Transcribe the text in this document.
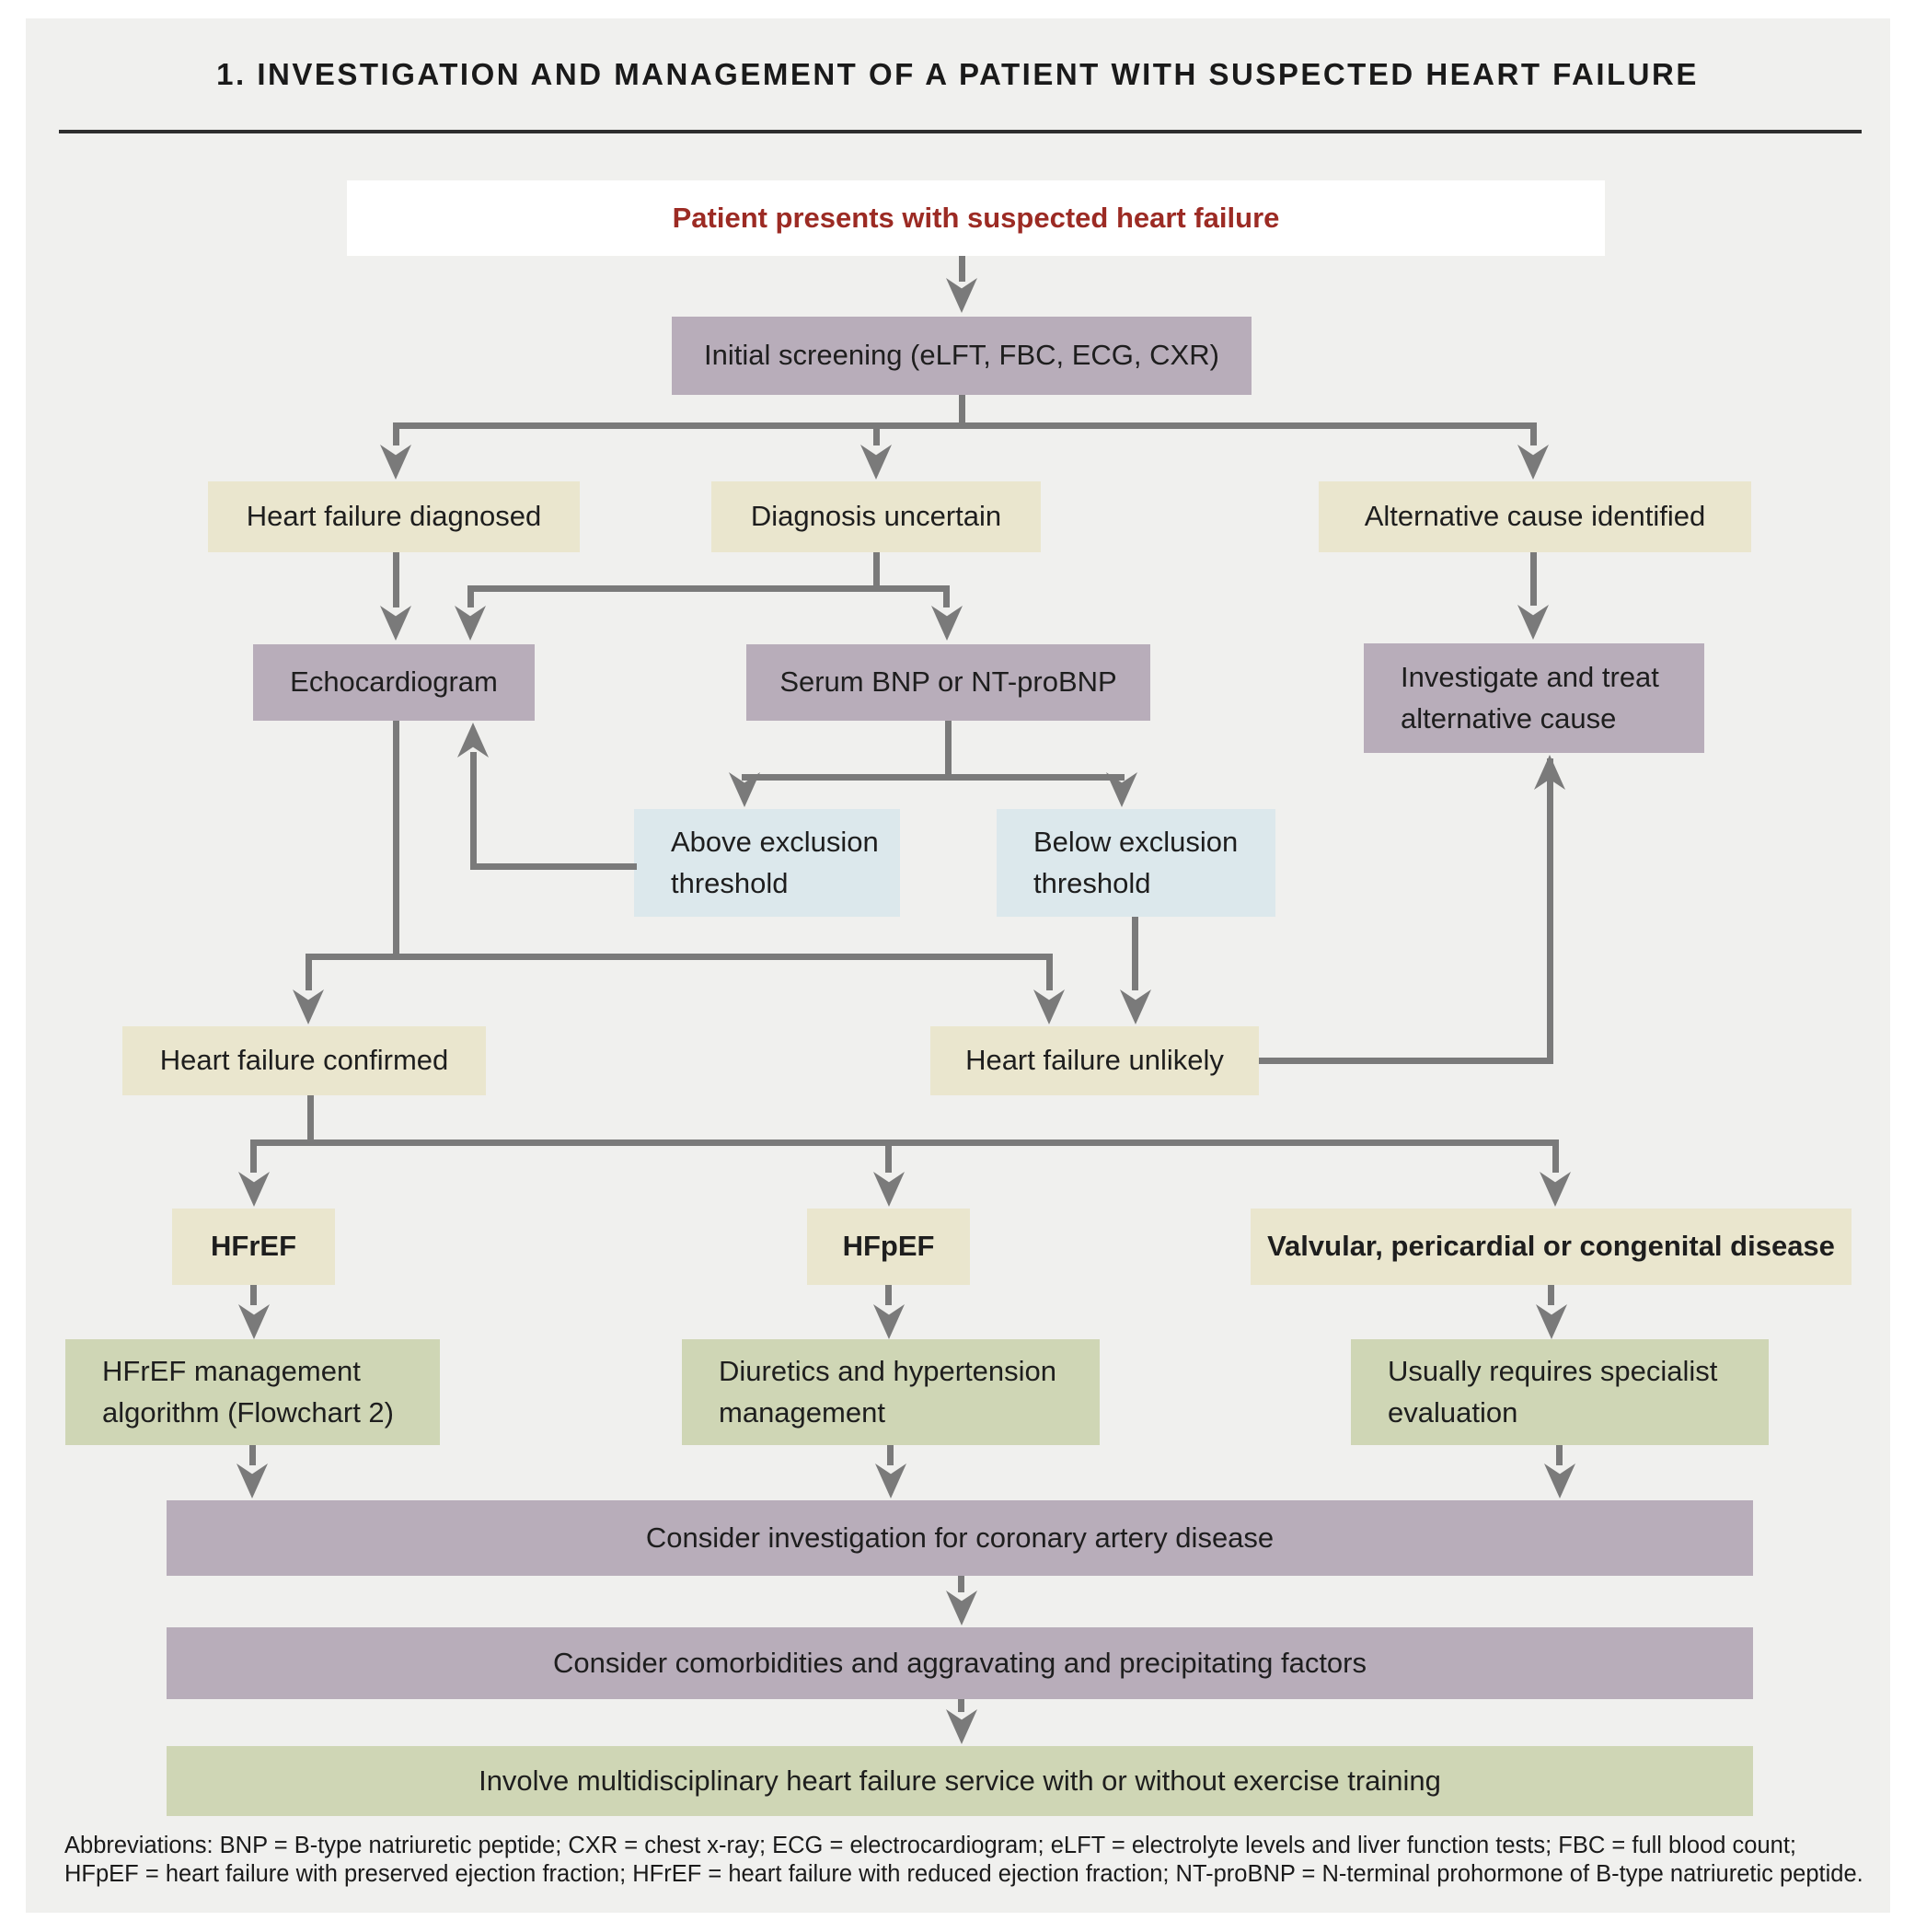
1. INVESTIGATION AND MANAGEMENT OF A PATIENT WITH SUSPECTED HEART FAILURE
Patient presents with suspected heart failure
Initial screening (eLFT, FBC, ECG, CXR)
Heart failure diagnosed	Diagnosis uncertain	Alternative cause identified
Echocardiogram	Serum BNP or NT-proBNP	Investigate and treat alternative cause
Above exclusion threshold
Below exclusion threshold
Heart failure confirmed	Heart failure unlikely
HFrEF	HFpEF	Valvular, pericardial or congenital disease
HFrEF management algorithm (Flowchart 2)
Diuretics and hypertension management
Usually requires specialist evaluation
Consider investigation for coronary artery disease
Consider comorbidities and aggravating and precipitating factors
Involve multidisciplinary heart failure service with or without exercise training
Abbreviations: BNP = B-type natriuretic peptide; CXR = chest x-ray; ECG = electrocardiogram; eLFT = electrolyte levels and liver function tests; FBC = full blood count;
HFpEF = heart failure with preserved ejection fraction; HFrEF = heart failure with reduced ejection fraction; NT-proBNP = N-terminal prohormone of B-type natriuretic peptide.
